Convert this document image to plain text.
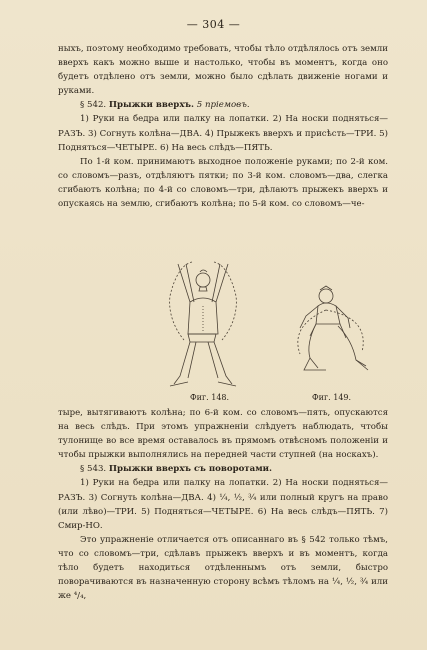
— 304 —

ныхъ, поэтому необходимо требовать, чтобы тѣло отдѣлялось отъ земли вверхъ какъ можно выше и настолько, чтобы въ моментъ, когда оно будетъ отдѣлено отъ земли, можно было сдѣлать движеніе ногами и руками.

§ 542. Прыжки вверхъ. 5 пріемовъ.

1) Руки на бедра или палку на лопатки. 2) На носки подняться—РАЗЪ. 3) Согнуть колѣна—ДВА. 4) Прыжекъ вверхъ и присѣсть—ТРИ. 5) Подняться—ЧЕТЫРЕ. 6) На весь слѣдъ—ПЯТЬ.

По 1-й ком. принимаютъ выходное положеніе руками; по 2-й ком. со словомъ—разъ, отдѣляютъ пятки; по 3-й ком. словомъ—два, слегка сгибаютъ колѣна; по 4-й со словомъ—три, дѣлаютъ прыжекъ вверхъ и опускаясь на землю, сгибаютъ колѣна; по 5-й ком. со словомъ—че-

Фиг. 148.	Фиг. 149.

тыре, вытягиваютъ колѣна; по 6-й ком. со словомъ—пять, опускаются на весь слѣдъ. При этомъ упражненіи слѣдуетъ наблюдать, чтобы тулонище во все время оставалось въ прямомъ отвѣсномъ положеніи и чтобы прыжки выполнялись на передней части ступней (на носкахъ).

§ 543. Прыжки вверхъ съ поворотами.

1) Руки на бедра или палку на лопатки. 2) На носки подняться—РАЗЪ. 3) Согнуть колѣна—ДВА. 4) ¼, ½, ¾ или полный кругъ на право (или лѣво)—ТРИ. 5) Подняться—ЧЕТЫРЕ. 6) На весь слѣдъ—ПЯТЬ. 7) Смир-НО.

Это упражненіе отличается отъ описаннаго въ § 542 только тѣмъ, что со словомъ—три, сдѣлавъ прыжекъ вверхъ и въ моментъ, когда тѣло будетъ находиться отдѣленнымъ отъ земли, быстро поворачиваются въ назначенную сторону всѣмъ тѣломъ на ¼, ½, ¾ или же ⁴/₄,
